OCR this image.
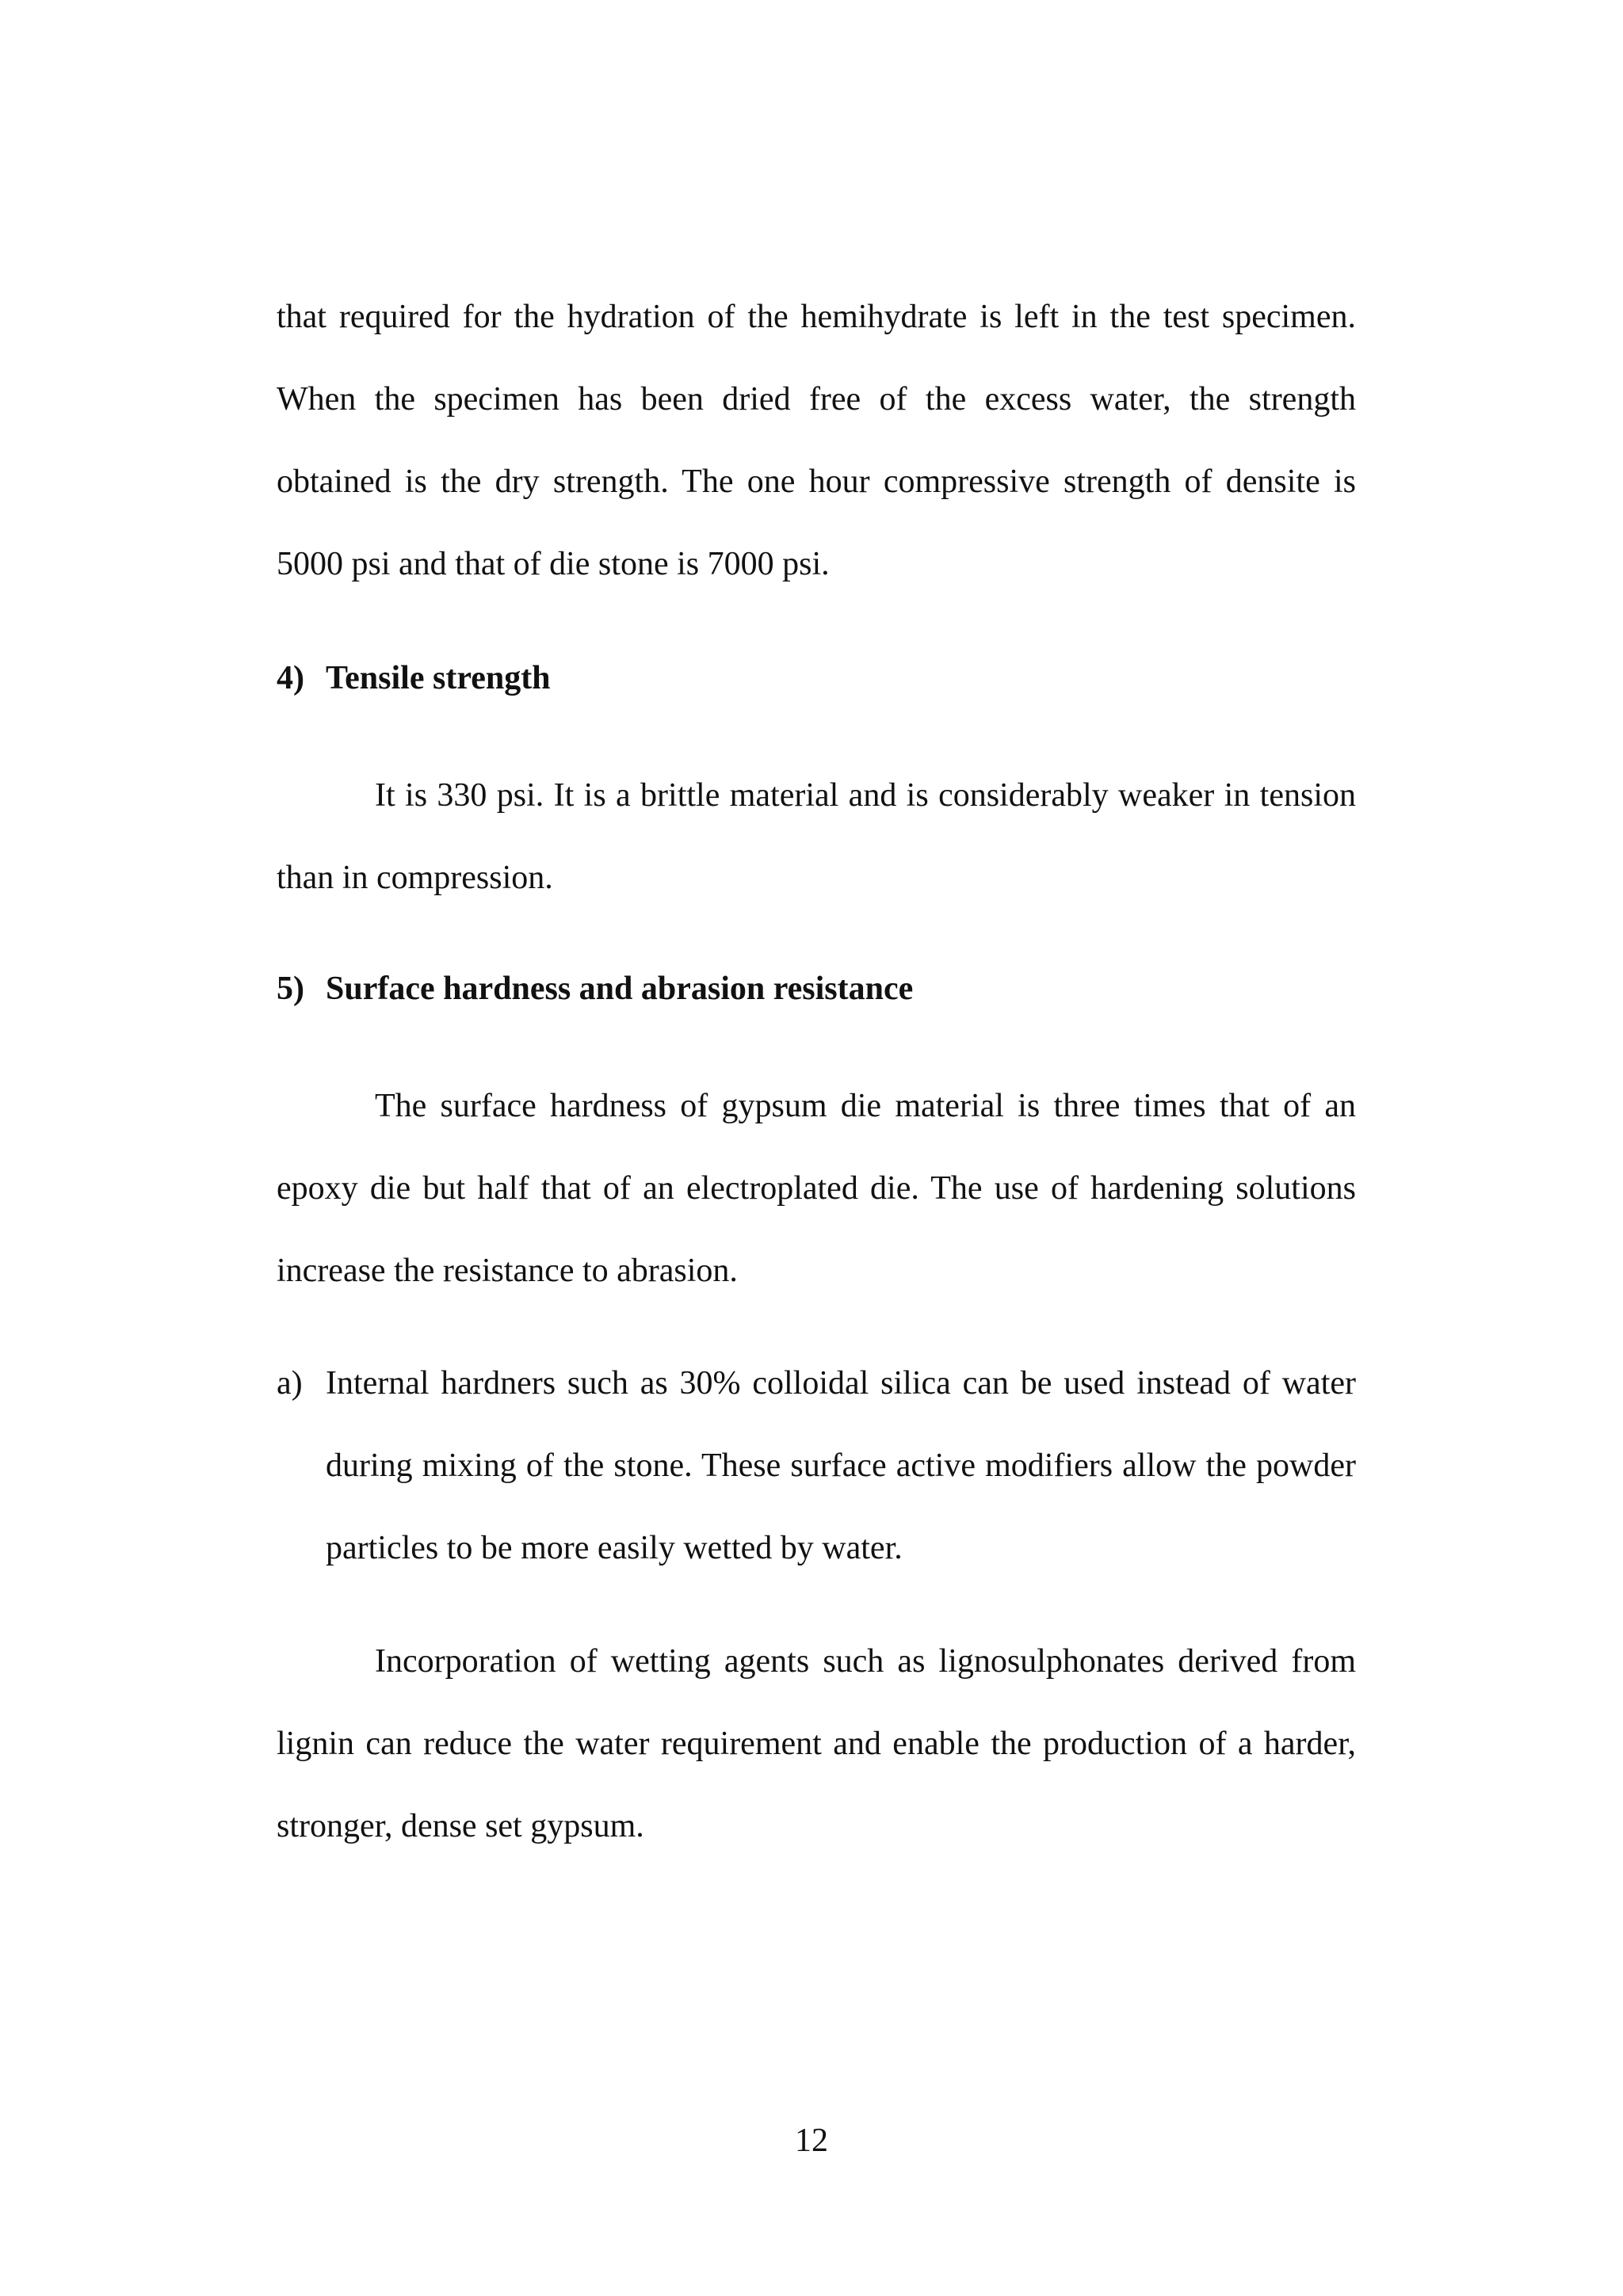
that required for the hydration of the hemihydrate is left in the test specimen. When the specimen has been dried free of the excess water, the strength obtained is the dry strength. The one hour compressive strength of densite is 5000 psi and that of die stone is 7000 psi.
4) Tensile strength
It is 330 psi. It is a brittle material and is considerably weaker in tension than in compression.
5) Surface hardness and abrasion resistance
The surface hardness of gypsum die material is three times that of an epoxy die but half that of an electroplated die. The use of hardening solutions increase the resistance to abrasion.
a) Internal hardners such as 30% colloidal silica can be used instead of water during mixing of the stone. These surface active modifiers allow the powder particles to be more easily wetted by water.
Incorporation of wetting agents such as lignosulphonates derived from lignin can reduce the water requirement and enable the production of a harder, stronger, dense set gypsum.
12
